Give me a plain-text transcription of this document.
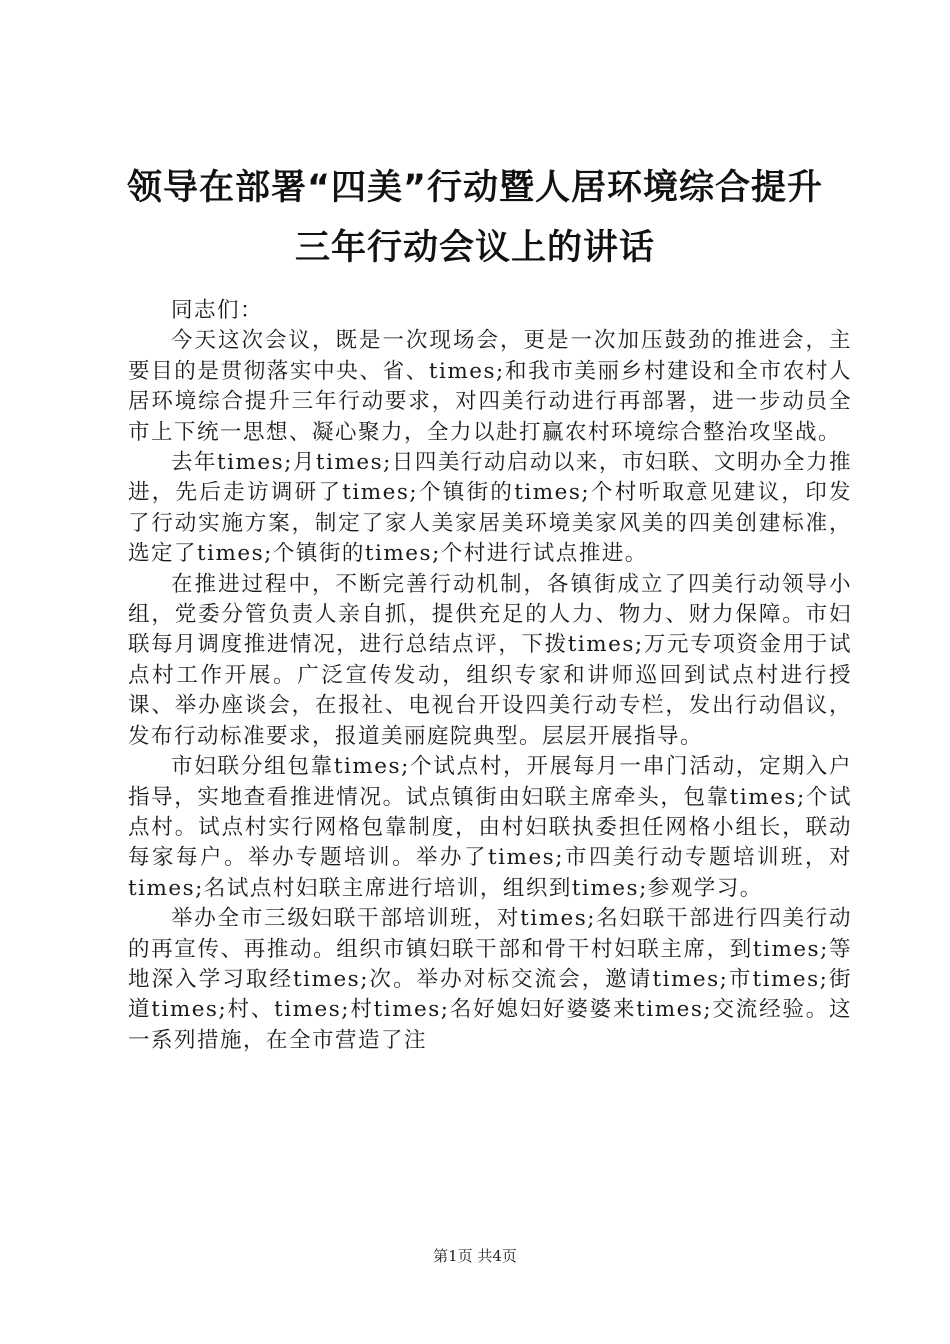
领导在部署“四美”行动暨人居环境综合提升
三年行动会议上的讲话

同志们：

今天这次会议，既是一次现场会，更是一次加压鼓劲的推进会，主要目的是贯彻落实中央、省、times;和我市美丽乡村建设和全市农村人居环境综合提升三年行动要求，对四美行动进行再部署，进一步动员全市上下统一思想、凝心聚力，全力以赴打赢农村环境综合整治攻坚战。

去年times;月times;日四美行动启动以来，市妇联、文明办全力推进，先后走访调研了times;个镇街的times;个村听取意见建议，印发了行动实施方案，制定了家人美家居美环境美家风美的四美创建标准，选定了times;个镇街的times;个村进行试点推进。

在推进过程中，不断完善行动机制，各镇街成立了四美行动领导小组，党委分管负责人亲自抓，提供充足的人力、物力、财力保障。市妇联每月调度推进情况，进行总结点评，下拨times;万元专项资金用于试点村工作开展。广泛宣传发动，组织专家和讲师巡回到试点村进行授课、举办座谈会，在报社、电视台开设四美行动专栏，发出行动倡议，发布行动标准要求，报道美丽庭院典型。层层开展指导。

市妇联分组包靠times;个试点村，开展每月一串门活动，定期入户指导，实地查看推进情况。试点镇街由妇联主席牵头，包靠times;个试点村。试点村实行网格包靠制度，由村妇联执委担任网格小组长，联动每家每户。举办专题培训。举办了times;市四美行动专题培训班，对times;名试点村妇联主席进行培训，组织到times;参观学习。

举办全市三级妇联干部培训班，对times;名妇联干部进行四美行动的再宣传、再推动。组织市镇妇联干部和骨干村妇联主席，到times;等地深入学习取经times;次。举办对标交流会，邀请times;市times;街道times;村、times;村times;名好媳妇好婆婆来times;交流经验。这一系列措施，在全市营造了注

第1页 共4页
